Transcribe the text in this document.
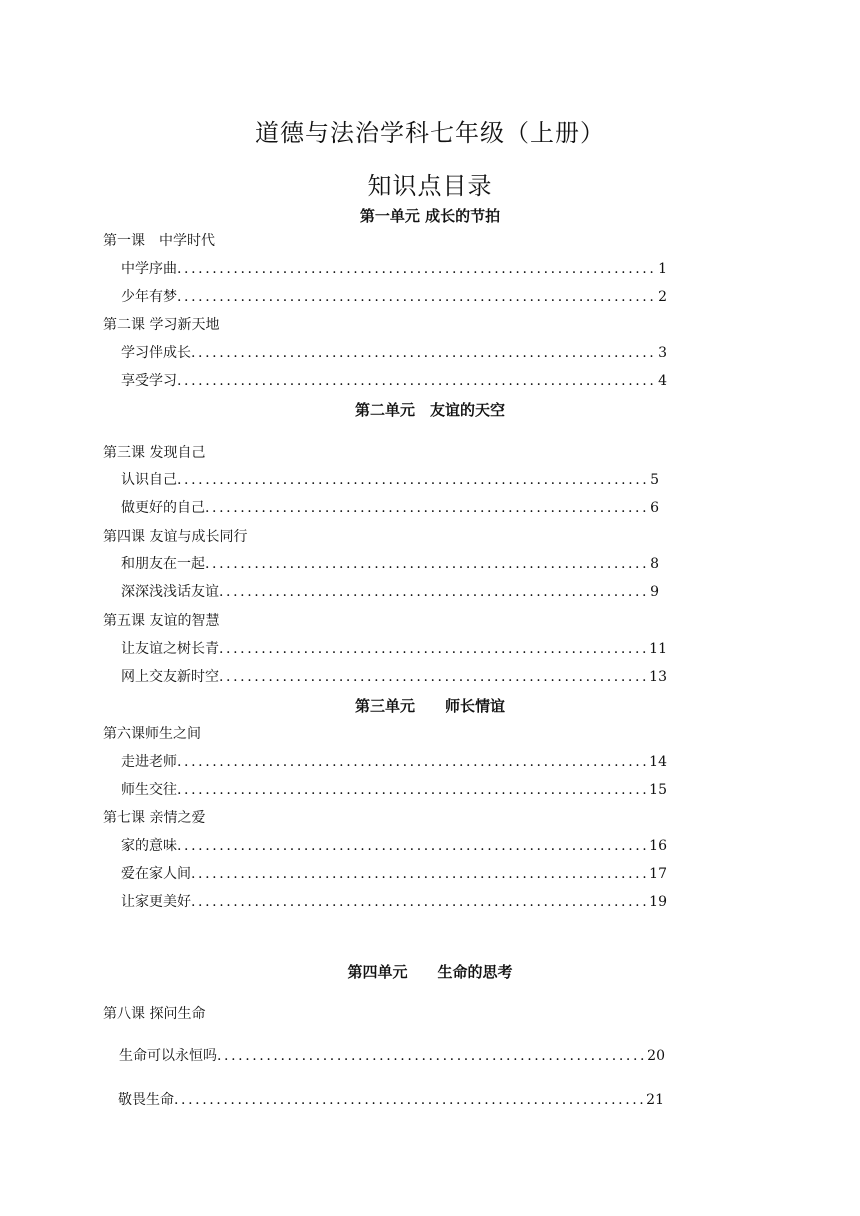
道德与法治学科七年级（上册）
知识点目录
第一单元 成长的节拍
第一课　中学时代
中学序曲 .....	1
少年有梦 .....	2
第二课 学习新天地
学习伴成长 .....	3
享受学习 .....	4
第二单元　友谊的天空
第三课 发现自己
认识自己 .....	5
做更好的自己 .....	6
第四课 友谊与成长同行
和朋友在一起 .....	8
深深浅浅话友谊 .....	9
第五课 友谊的智慧
让友谊之树长青 .....	11
网上交友新时空 .....	13
第三单元　　师长情谊
第六课师生之间
走进老师 .....	14
师生交往 .....	15
第七课 亲情之爱
家的意味 .....	16
爱在家人间 .....	17
让家更美好 .....	19
第四单元　　生命的思考
第八课 探问生命
生命可以永恒吗 .....	20
敬畏生命 .....	21
